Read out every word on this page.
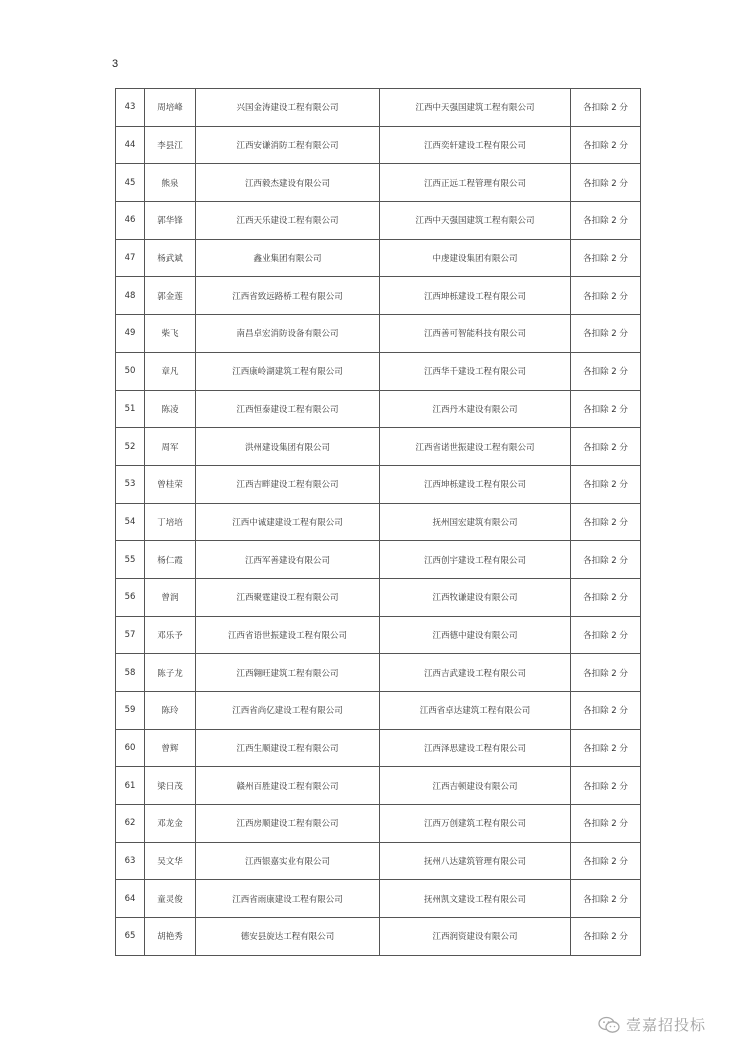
3
43	周培峰	兴国金涛建设工程有限公司	江西中天强国建筑工程有限公司	各扣除 2 分
44	李县江	江西安谦消防工程有限公司	江西奕轩建设工程有限公司	各扣除 2 分
45	熊泉	江西毅杰建设有限公司	江西正远工程管理有限公司	各扣除 2 分
46	郭华锋	江西天乐建设工程有限公司	江西中天强国建筑工程有限公司	各扣除 2 分
47	杨武斌	鑫业集团有限公司	中虔建设集团有限公司	各扣除 2 分
48	郭金莲	江西省致远路桥工程有限公司	江西坤栎建设工程有限公司	各扣除 2 分
49	柴飞	南昌卓宏消防设备有限公司	江西善可智能科技有限公司	各扣除 2 分
50	章凡	江西康岭湖建筑工程有限公司	江西华千建设工程有限公司	各扣除 2 分
51	陈凌	江西恒泰建设工程有限公司	江西丹木建设有限公司	各扣除 2 分
52	周军	洪州建设集团有限公司	江西省诺世振建设工程有限公司	各扣除 2 分
53	曾桂荣	江西吉畔建设工程有限公司	江西坤栎建设工程有限公司	各扣除 2 分
54	丁培培	江西中诚建建设工程有限公司	抚州国宏建筑有限公司	各扣除 2 分
55	杨仁霞	江西军善建设有限公司	江西创宇建设工程有限公司	各扣除 2 分
56	曾润	江西聚霆建设工程有限公司	江西牧谦建设有限公司	各扣除 2 分
57	邓乐予	江西省语世振建设工程有限公司	江西德中建设有限公司	各扣除 2 分
58	陈子龙	江西翱旺建筑工程有限公司	江西吉武建设工程有限公司	各扣除 2 分
59	陈玲	江西省尚亿建设工程有限公司	江西省卓达建筑工程有限公司	各扣除 2 分
60	曾辉	江西生顺建设工程有限公司	江西泽思建设工程有限公司	各扣除 2 分
61	梁日茂	赣州百胜建设工程有限公司	江西吉顿建设有限公司	各扣除 2 分
62	邓龙金	江西房顺建设工程有限公司	江西万创建筑工程有限公司	各扣除 2 分
63	吴文华	江西银嘉实业有限公司	抚州八达建筑管理有限公司	各扣除 2 分
64	童灵俊	江西省雨康建设工程有限公司	抚州凯文建设工程有限公司	各扣除 2 分
65	胡艳秀	德安县旋达工程有限公司	江西润资建设有限公司	各扣除 2 分
壹嘉招投标
